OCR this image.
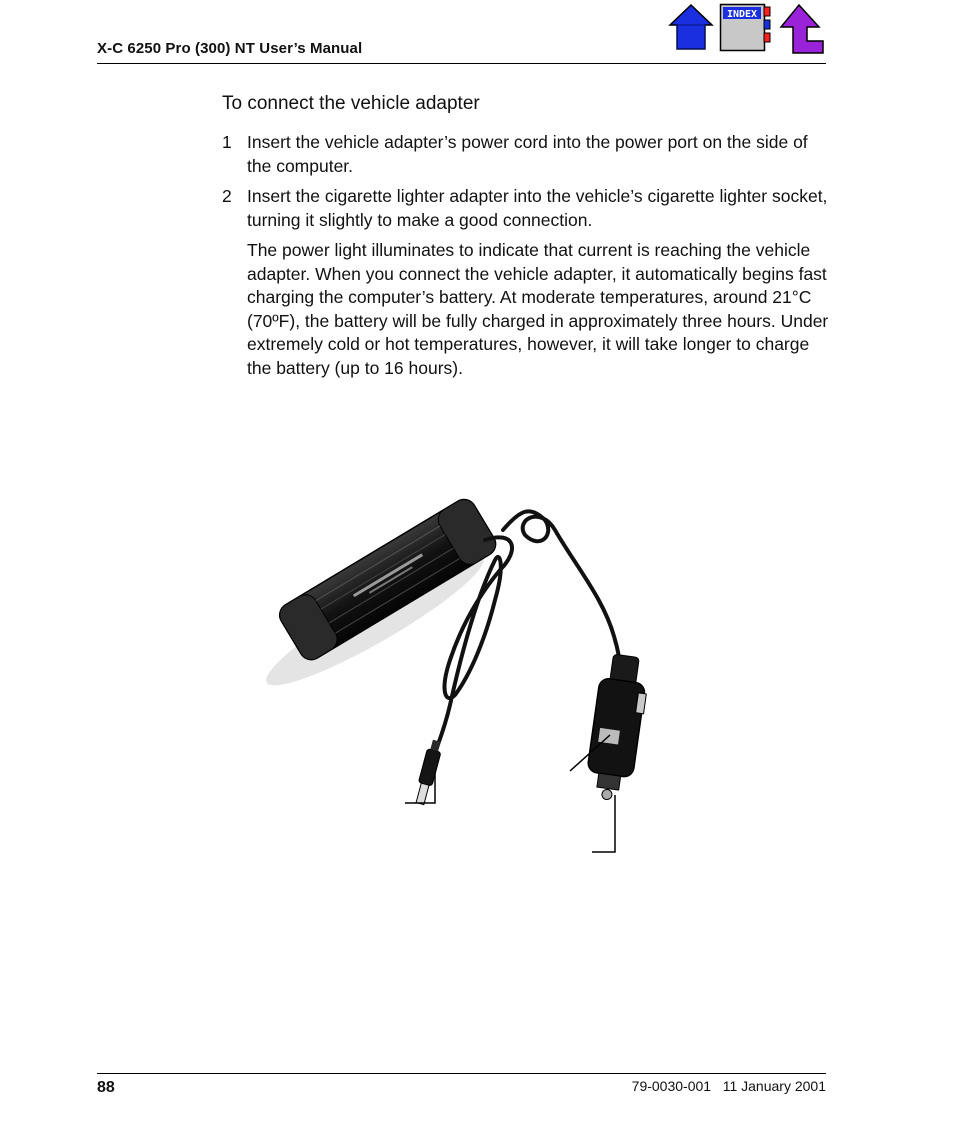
X-C 6250 Pro (300) NT User’s Manual
INDEX
To connect the vehicle adapter
1 Insert the vehicle adapter’s power cord into the power port on the side of the computer.
2 Insert the cigarette lighter adapter into the vehicle’s cigarette lighter socket, turning it slightly to make a good connection.

The power light illuminates to indicate that current is reaching the vehicle adapter. When you connect the vehicle adapter, it automatically begins fast charging the computer’s battery. At moderate temperatures, around 21°C (70ºF), the battery will be fully charged in approximately three hours. Under extremely cold or hot temperatures, however, it will take longer to charge the battery (up to 16 hours).

88	79-0030-001   11 January 2001
